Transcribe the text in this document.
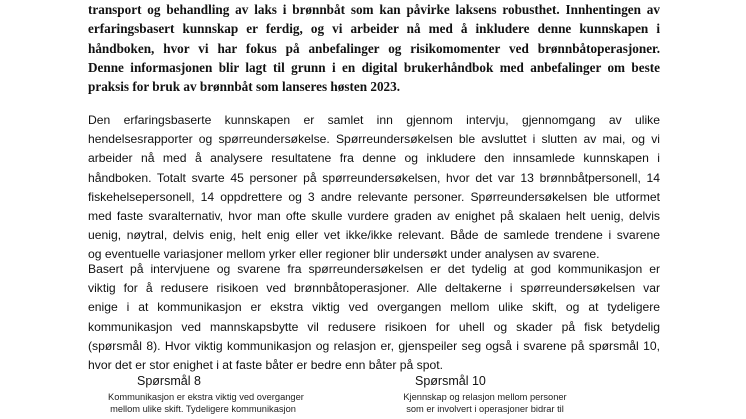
transport og behandling av laks i brønnbåt som kan påvirke laksens robusthet. Innhentingen av
erfaringsbasert kunnskap er ferdig, og vi arbeider nå med å inkludere denne kunnskapen i
håndboken, hvor vi har fokus på anbefalinger og risikomomenter ved brønnbåtoperasjoner.
Denne informasjonen blir lagt til grunn i en digital brukerhåndbok med anbefalinger om beste
praksis for bruk av brønnbåt som lanseres høsten 2023.
Den erfaringsbaserte kunnskapen er samlet inn gjennom intervju, gjennomgang av ulike
hendelsesrapporter og spørreundersøkelse. Spørreundersøkelsen ble avsluttet i slutten av mai, og vi
arbeider nå med å analysere resultatene fra denne og inkludere den innsamlede kunnskapen i
håndboken. Totalt svarte 45 personer på spørreundersøkelsen, hvor det var 13 brønnbåtpersonell, 14
fiskehelsepersonell, 14 oppdrettere og 3 andre relevante personer. Spørreundersøkelsen ble utformet
med faste svaralternativ, hvor man ofte skulle vurdere graden av enighet på skalaen helt uenig, delvis
uenig, nøytral, delvis enig, helt enig eller vet ikke/ikke relevant. Både de samlede trendene i svarene
og eventuelle variasjoner mellom yrker eller regioner blir undersøkt under analysen av svarene.
Basert på intervjuene og svarene fra spørreundersøkelsen er det tydelig at god kommunikasjon er
viktig for å redusere risikoen ved brønnbåtoperasjoner. Alle deltakerne i spørreundersøkelsen var
enige i at kommunikasjon er ekstra viktig ved overgangen mellom ulike skift, og at tydeligere
kommunikasjon ved mannskapsbytte vil redusere risikoen for uhell og skader på fisk betydelig
(spørsmål 8). Hvor viktig kommunikasjon og relasjon er, gjenspeiler seg også i svarene på spørsmål 10,
hvor det er stor enighet i at faste båter er bedre enn båter på spot.
Spørsmål 8
Kommunikasjon er ekstra viktig ved overganger
mellom ulike skift. Tydeligere kommunikasjon
Spørsmål 10
Kjennskap og relasjon mellom personer
som er involvert i operasjoner bidrar til
